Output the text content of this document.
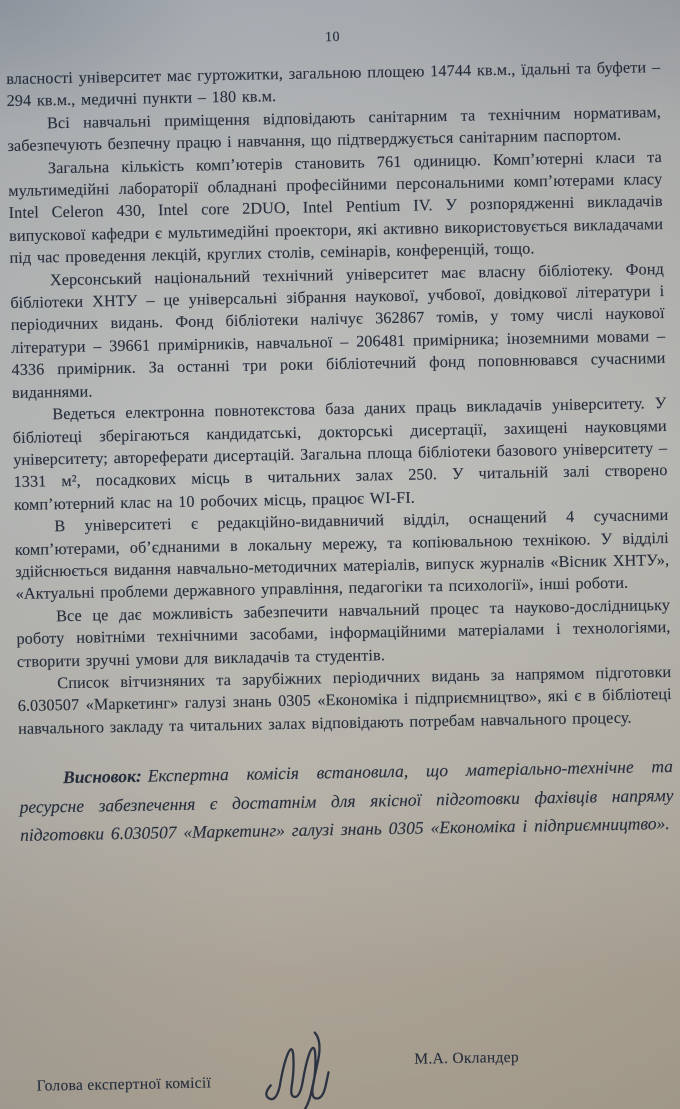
10

власності університет має гуртожитки, загальною площею 14744 кв.м., їдальні та буфети – 294 кв.м., медичні пункти – 180 кв.м.

Всі навчальні приміщення відповідають санітарним та технічним нормативам, забезпечують безпечну працю і навчання, що підтверджується санітарним паспортом.

Загальна кількість комп’ютерів становить 761 одиницю. Комп’ютерні класи та мультимедійні лабораторії обладнані професійними персональними комп’ютерами класу Intel Celeron 430, Intel core 2DUO, Intel Pentium IV. У розпорядженні викладачів випускової кафедри є мультимедійні проектори, які активно використовується викладачами під час проведення лекцій, круглих столів, семінарів, конференцій, тощо.

Херсонський національний технічний університет має власну бібліотеку. Фонд бібліотеки ХНТУ – це універсальні зібрання наукової, учбової, довідкової літератури і періодичних видань. Фонд бібліотеки налічує 362867 томів, у тому числі наукової літератури – 39661 примірників, навчальної – 206481 примірника; іноземними мовами – 4336 примірник. За останні три роки бібліотечний фонд поповнювався сучасними виданнями.

Ведеться електронна повнотекстова база даних праць викладачів університету. У бібліотеці зберігаються кандидатські, докторські дисертації, захищені науковцями університету; автореферати дисертацій. Загальна площа бібліотеки базового університету – 1331 м², посадкових місць в читальних залах 250. У читальній залі створено комп’ютерний клас на 10 робочих місць, працює WI-FI.

В університеті є редакційно-видавничий відділ, оснащений 4 сучасними комп’ютерами, об’єднаними в локальну мережу, та копіювальною технікою. У відділі здійснюється видання навчально-методичних матеріалів, випуск журналів «Вісник ХНТУ», «Актуальні проблеми державного управління, педагогіки та психології», інші роботи.

Все це дає можливість забезпечити навчальний процес та науково-дослідницьку роботу новітніми технічними засобами, інформаційними матеріалами і технологіями, створити зручні умови для викладачів та студентів.

Список вітчизняних та зарубіжних періодичних видань за напрямом підготовки 6.030507 «Маркетинг» галузі знань 0305 «Економіка і підприємництво», які є в бібліотеці навчального закладу та читальних залах відповідають потребам навчального процесу.

Висновок: Експертна комісія встановила, що матеріально-технічне та ресурсне забезпечення є достатнім для якісної підготовки фахівців напряму підготовки 6.030507 «Маркетинг» галузі знань 0305 «Економіка і підприємництво».

Голова експертної комісії
М.А. Окландер
